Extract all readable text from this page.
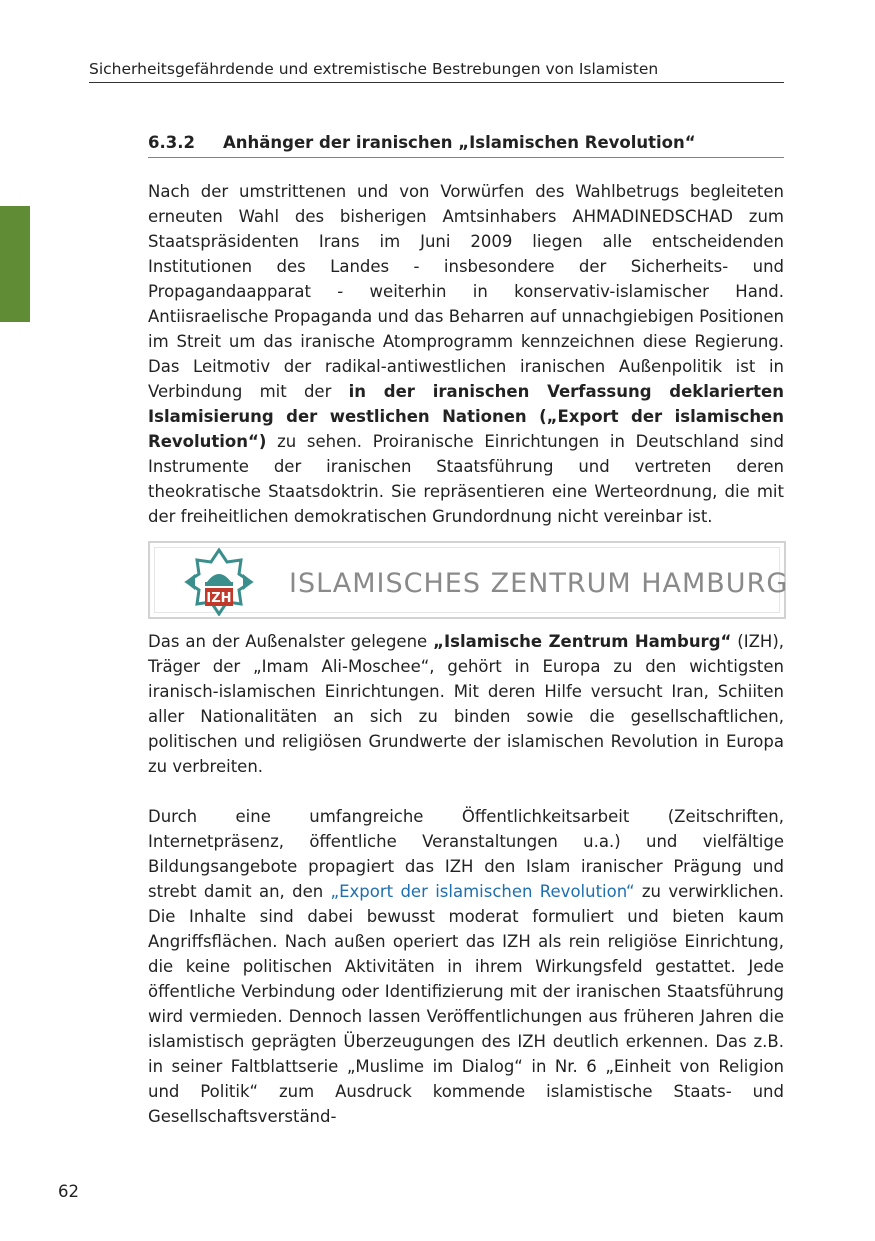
Sicherheitsgefährdende und extremistische Bestrebungen von Islamisten
6.3.2 Anhänger der iranischen „Islamischen Revolution“

Nach der umstrittenen und von Vorwürfen des Wahlbetrugs begleiteten erneuten Wahl des bisherigen Amtsinhabers AHMADINEDSCHAD zum Staatspräsidenten Irans im Juni 2009 liegen alle entscheidenden Institutionen des Landes - insbesondere der Sicherheits- und Propagandaapparat - weiterhin in konservativ-islamischer Hand. Antiisraelische Propaganda und das Beharren auf unnachgiebigen Positionen im Streit um das iranische Atomprogramm kennzeichnen diese Regierung. Das Leitmotiv der radikal-antiwestlichen iranischen Außenpolitik ist in Verbindung mit der in der iranischen Verfassung deklarierten Islamisierung der westlichen Nationen („Export der islamischen Revolution“) zu sehen. Proiranische Einrichtungen in Deutschland sind Instrumente der iranischen Staatsführung und vertreten deren theokratische Staatsdoktrin. Sie repräsentieren eine Werteordnung, die mit der freiheitlichen demokratischen Grundordnung nicht vereinbar ist.

IZH ISLAMISCHES ZENTRUM HAMBURG

Das an der Außenalster gelegene „Islamische Zentrum Hamburg“ (IZH), Träger der „Imam Ali-Moschee“, gehört in Europa zu den wichtigsten iranisch-islamischen Einrichtungen. Mit deren Hilfe versucht Iran, Schiiten aller Nationalitäten an sich zu binden sowie die gesellschaftlichen, politischen und religiösen Grundwerte der islamischen Revolution in Europa zu verbreiten.

Durch eine umfangreiche Öffentlichkeitsarbeit (Zeitschriften, Internetpräsenz, öffentliche Veranstaltungen u.a.) und vielfältige Bildungsangebote propagiert das IZH den Islam iranischer Prägung und strebt damit an, den „Export der islamischen Revolution“ zu verwirklichen. Die Inhalte sind dabei bewusst moderat formuliert und bieten kaum Angriffsflächen. Nach außen operiert das IZH als rein religiöse Einrichtung, die keine politischen Aktivitäten in ihrem Wirkungsfeld gestattet. Jede öffentliche Verbindung oder Identifizierung mit der iranischen Staatsführung wird vermieden. Dennoch lassen Veröffentlichungen aus früheren Jahren die islamistisch geprägten Überzeugungen des IZH deutlich erkennen. Das z.B. in seiner Faltblattserie „Muslime im Dialog“ in Nr. 6 „Einheit von Religion und Politik“ zum Ausdruck kommende islamistische Staats- und Gesellschaftsverständ-

62
